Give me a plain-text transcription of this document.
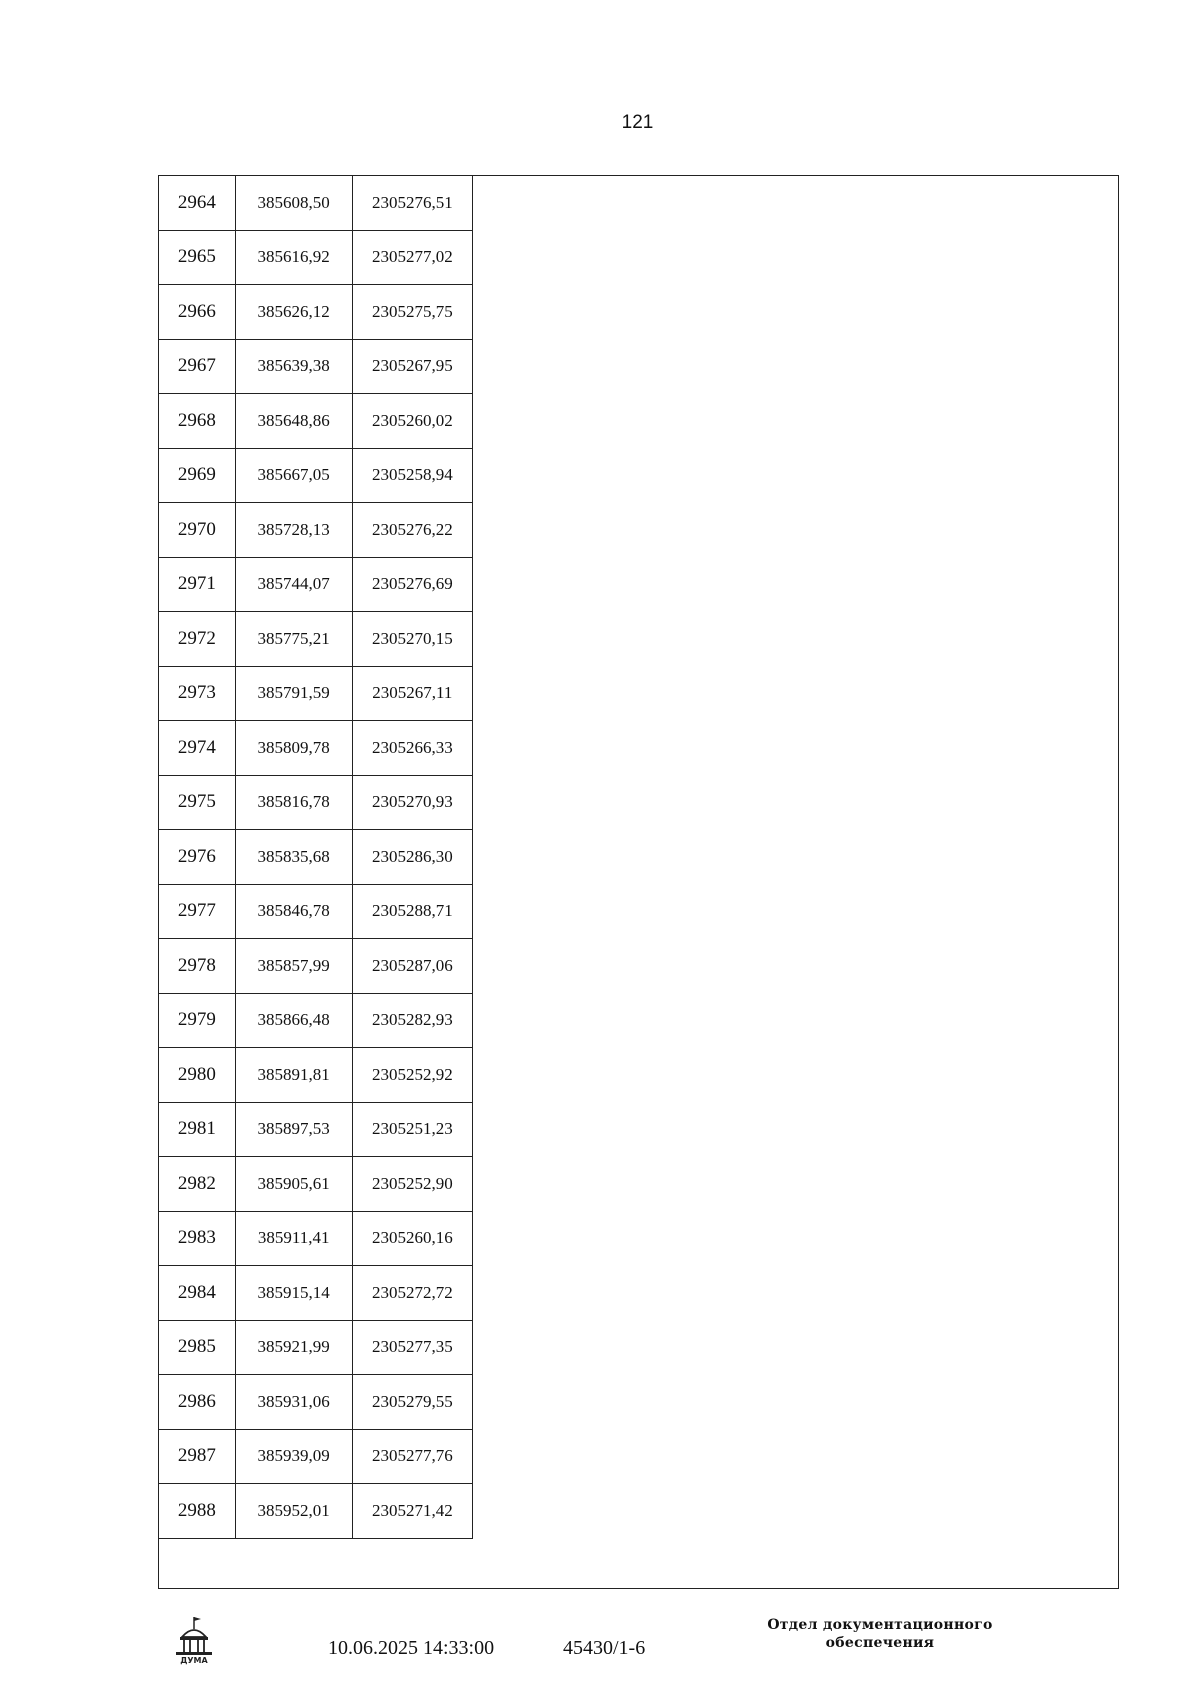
121
2964	385608,50	2305276,51
2965	385616,92	2305277,02
2966	385626,12	2305275,75
2967	385639,38	2305267,95
2968	385648,86	2305260,02
2969	385667,05	2305258,94
2970	385728,13	2305276,22
2971	385744,07	2305276,69
2972	385775,21	2305270,15
2973	385791,59	2305267,11
2974	385809,78	2305266,33
2975	385816,78	2305270,93
2976	385835,68	2305286,30
2977	385846,78	2305288,71
2978	385857,99	2305287,06
2979	385866,48	2305282,93
2980	385891,81	2305252,92
2981	385897,53	2305251,23
2982	385905,61	2305252,90
2983	385911,41	2305260,16
2984	385915,14	2305272,72
2985	385921,99	2305277,35
2986	385931,06	2305279,55
2987	385939,09	2305277,76
2988	385952,01	2305271,42
ДУМА
10.06.2025 14:33:00	45430/1-6
Отдел документационного
обеспечения
